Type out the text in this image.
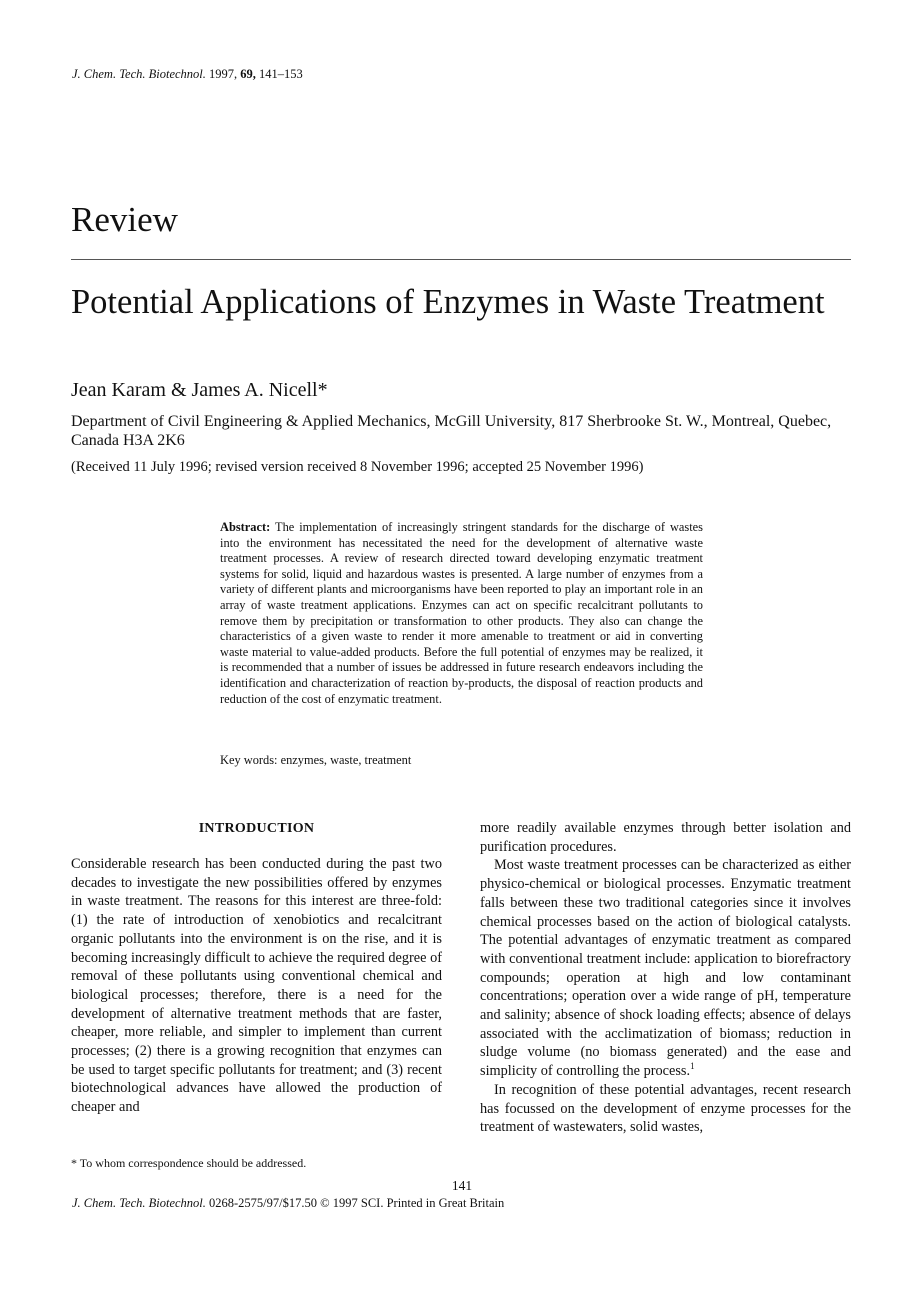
J. Chem. Tech. Biotechnol. 1997, 69, 141–153
Review
Potential Applications of Enzymes in Waste Treatment
Jean Karam & James A. Nicell*
Department of Civil Engineering & Applied Mechanics, McGill University, 817 Sherbrooke St. W., Montreal, Quebec, Canada H3A 2K6
(Received 11 July 1996; revised version received 8 November 1996; accepted 25 November 1996)
Abstract: The implementation of increasingly stringent standards for the discharge of wastes into the environment has necessitated the need for the development of alternative waste treatment processes. A review of research directed toward developing enzymatic treatment systems for solid, liquid and hazardous wastes is presented. A large number of enzymes from a variety of different plants and microorganisms have been reported to play an important role in an array of waste treatment applications. Enzymes can act on specific recalcitrant pollutants to remove them by precipitation or transformation to other products. They also can change the characteristics of a given waste to render it more amenable to treatment or aid in converting waste material to value-added products. Before the full potential of enzymes may be realized, it is recommended that a number of issues be addressed in future research endeavors including the identification and characterization of reaction by-products, the disposal of reaction products and reduction of the cost of enzymatic treatment.
Key words: enzymes, waste, treatment
INTRODUCTION

Considerable research has been conducted during the past two decades to investigate the new possibilities offered by enzymes in waste treatment. The reasons for this interest are three-fold: (1) the rate of introduction of xenobiotics and recalcitrant organic pollutants into the environment is on the rise, and it is becoming increasingly difficult to achieve the required degree of removal of these pollutants using conventional chemical and biological processes; therefore, there is a need for the development of alternative treatment methods that are faster, cheaper, more reliable, and simpler to implement than current processes; (2) there is a growing recognition that enzymes can be used to target specific pollutants for treatment; and (3) recent biotechnological advances have allowed the production of cheaper and

more readily available enzymes through better isolation and purification procedures.

Most waste treatment processes can be characterized as either physico-chemical or biological processes. Enzymatic treatment falls between these two traditional categories since it involves chemical processes based on the action of biological catalysts. The potential advantages of enzymatic treatment as compared with conventional treatment include: application to biorefractory compounds; operation at high and low contaminant concentrations; operation over a wide range of pH, temperature and salinity; absence of shock loading effects; absence of delays associated with the acclimatization of biomass; reduction in sludge volume (no biomass generated) and the ease and simplicity of controlling the process.$^1$

In recognition of these potential advantages, recent research has focussed on the development of enzyme processes for the treatment of wastewaters, solid wastes,

* To whom correspondence should be addressed.
141
J. Chem. Tech. Biotechnol. 0268-2575/97/$17.50 © 1997 SCI. Printed in Great Britain
